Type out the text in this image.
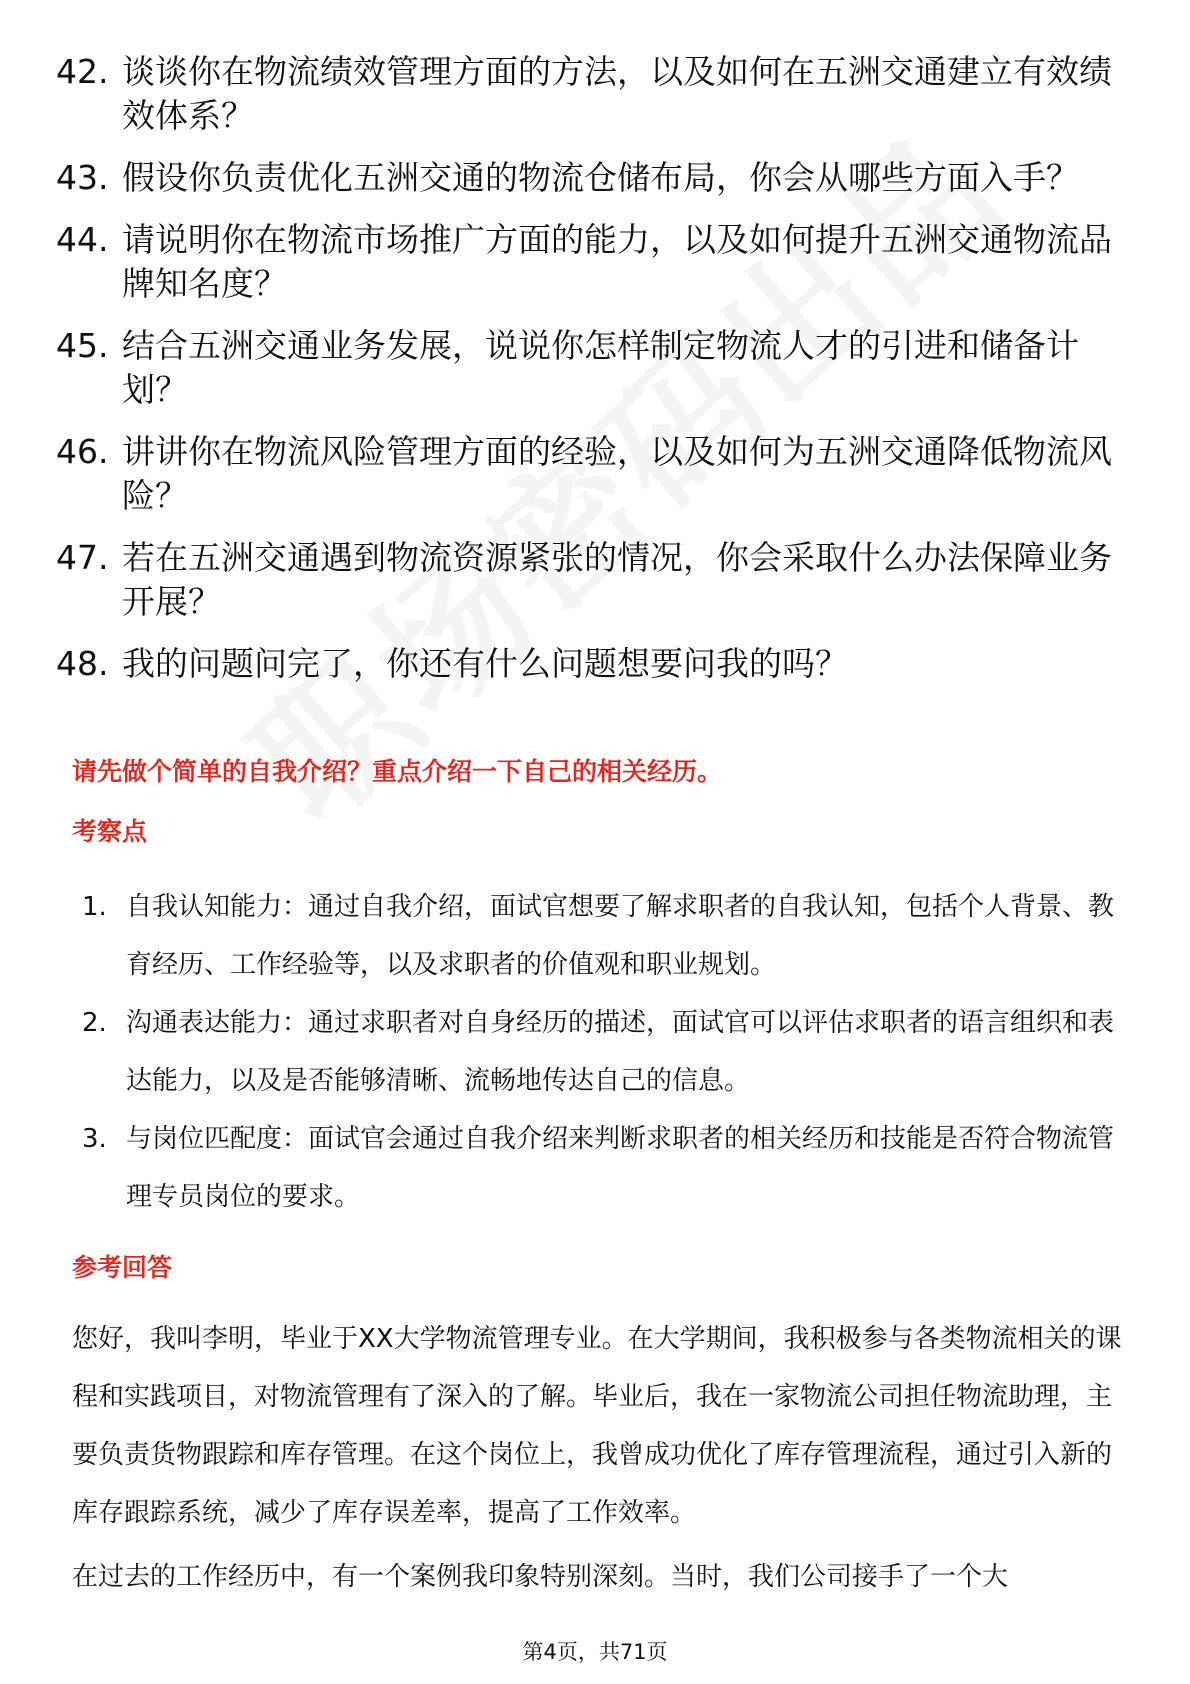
42. 谈谈你在物流绩效管理方面的方法，以及如何在五洲交通建立有效绩效体系？
43. 假设你负责优化五洲交通的物流仓储布局，你会从哪些方面入手？
44. 请说明你在物流市场推广方面的能力，以及如何提升五洲交通物流品牌知名度？
45. 结合五洲交通业务发展，说说你怎样制定物流人才的引进和储备计划？
46. 讲讲你在物流风险管理方面的经验，以及如何为五洲交通降低物流风险？
47. 若在五洲交通遇到物流资源紧张的情况，你会采取什么办法保障业务开展？
48. 我的问题问完了，你还有什么问题想要问我的吗？
请先做个简单的自我介绍？重点介绍一下自己的相关经历。
考察点
1. 自我认知能力：通过自我介绍，面试官想要了解求职者的自我认知，包括个人背景、教育经历、工作经验等，以及求职者的价值观和职业规划。
2. 沟通表达能力：通过求职者对自身经历的描述，面试官可以评估求职者的语言组织和表达能力，以及是否能够清晰、流畅地传达自己的信息。
3. 与岗位匹配度：面试官会通过自我介绍来判断求职者的相关经历和技能是否符合物流管理专员岗位的要求。
参考回答
您好，我叫李明，毕业于XX大学物流管理专业。在大学期间，我积极参与各类物流相关的课程和实践项目，对物流管理有了深入的了解。毕业后，我在一家物流公司担任物流助理，主要负责货物跟踪和库存管理。在这个岗位上，我曾成功优化了库存管理流程，通过引入新的库存跟踪系统，减少了库存误差率，提高了工作效率。
在过去的工作经历中，有一个案例我印象特别深刻。当时，我们公司接手了一个大
第4页，共71页
